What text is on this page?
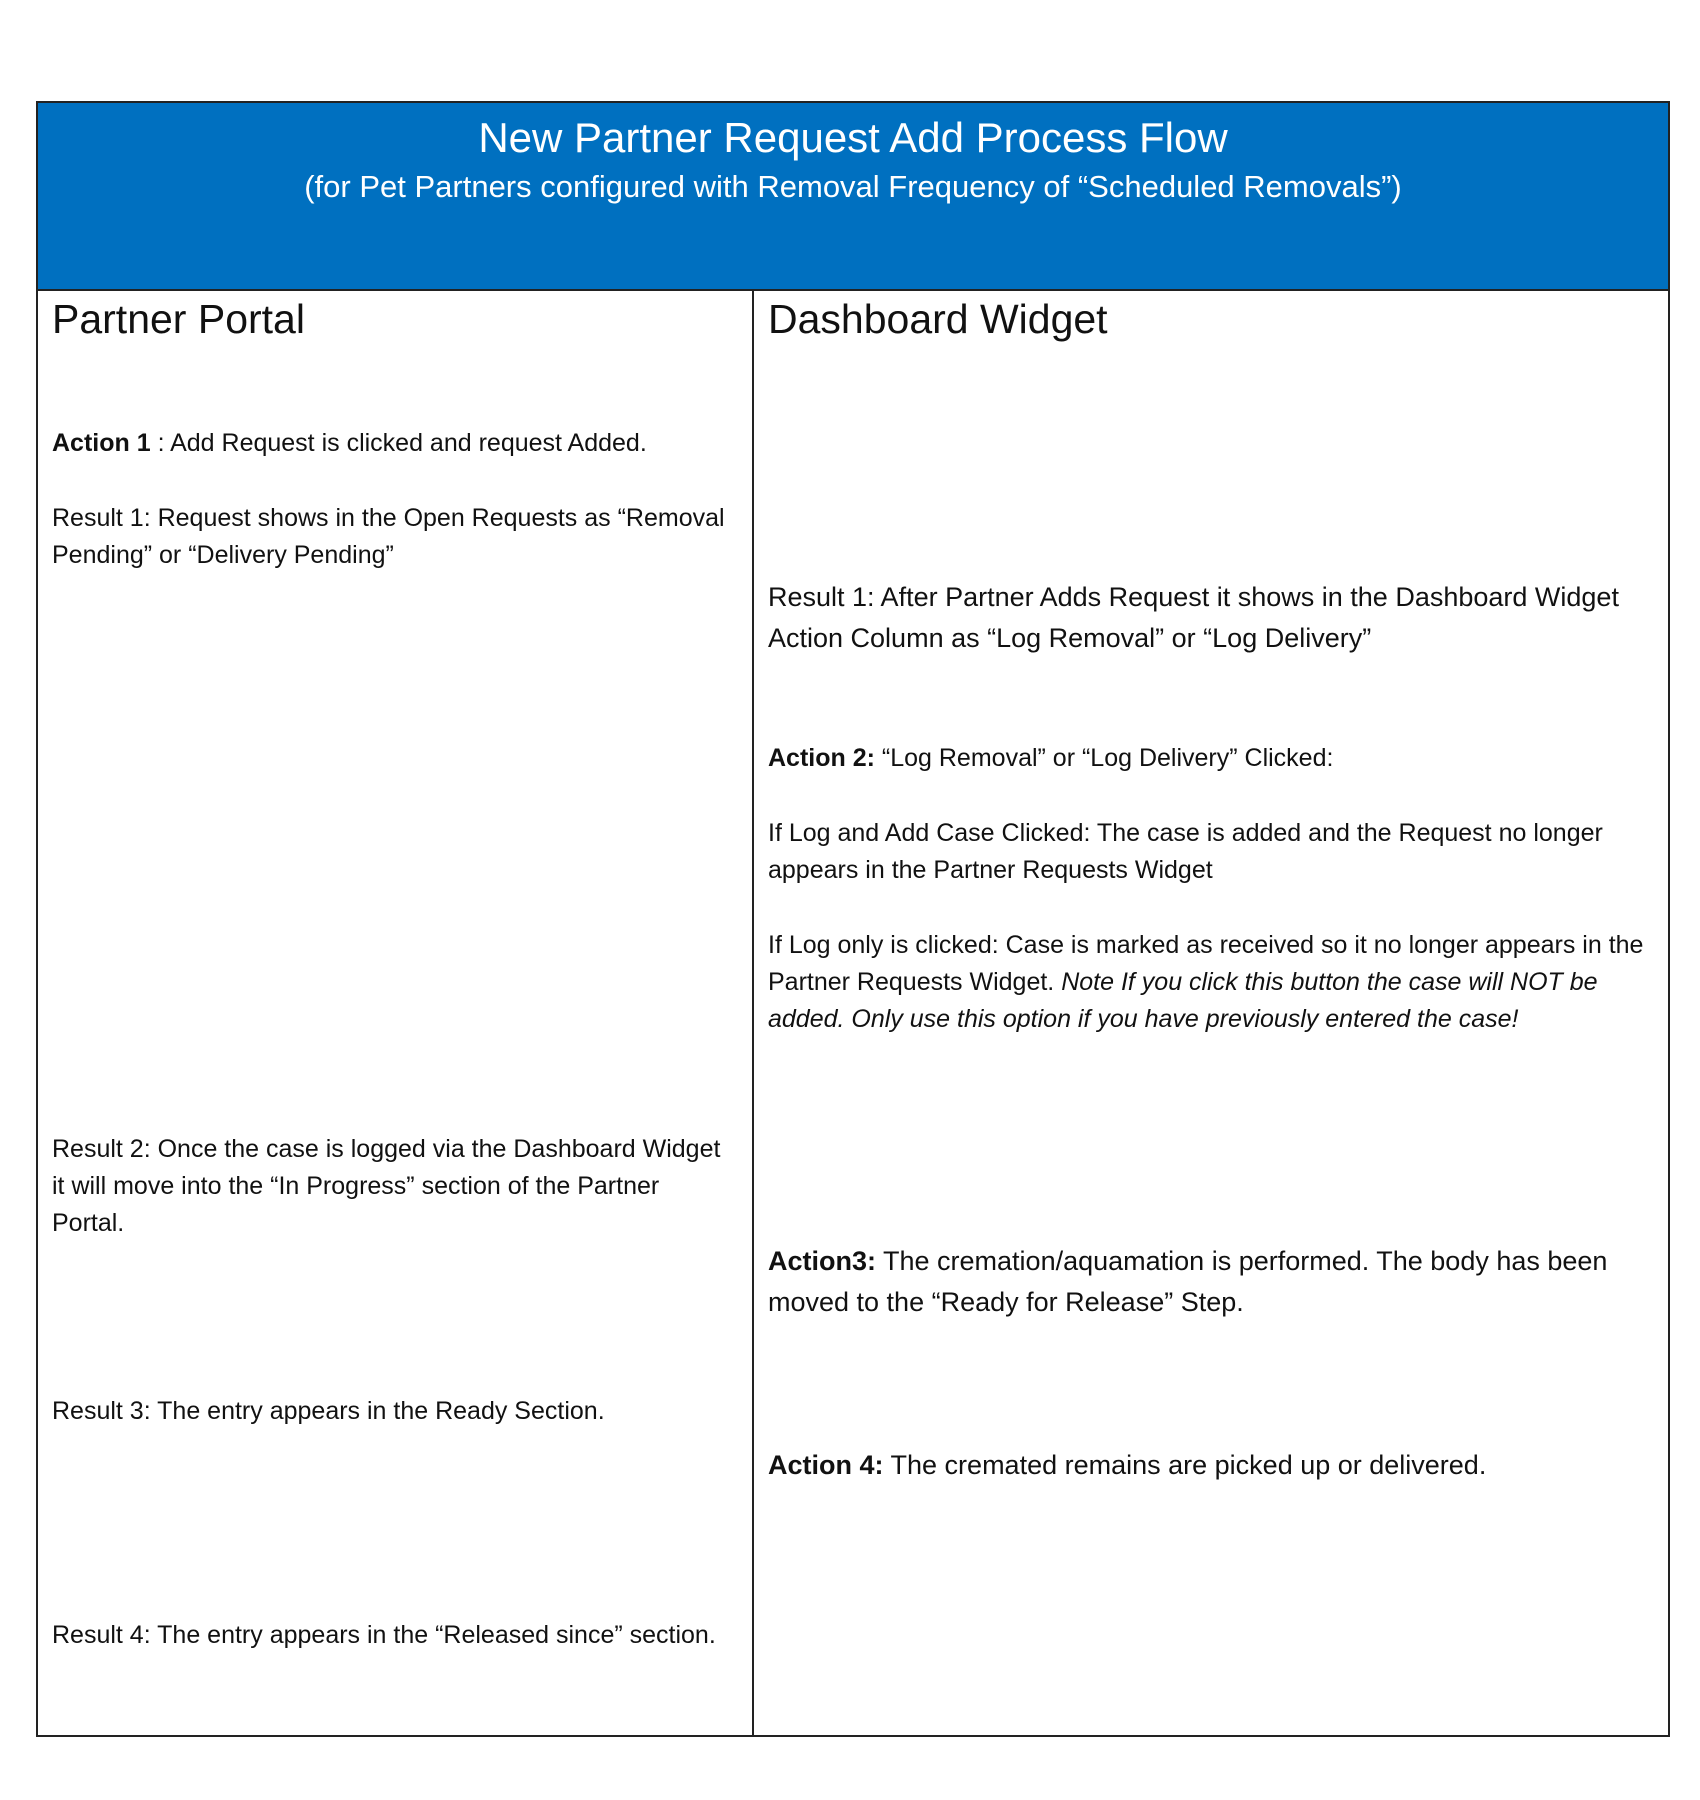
New Partner Request Add Process Flow
(for Pet Partners configured with Removal Frequency of “Scheduled Removals”)
Partner Portal

Action 1 : Add Request is clicked and request Added.

Result 1: Request shows in the Open Requests as “Removal Pending” or “Delivery Pending”

Result 2: Once the case is logged via the Dashboard Widget it will move into the “In Progress” section of the Partner Portal.

Result 3: The entry appears in the Ready Section.

Result 4: The entry appears in the “Released since” section.

Dashboard Widget

Result 1: After Partner Adds Request it shows in the Dashboard Widget Action Column as “Log Removal” or “Log Delivery”

Action 2: “Log Removal” or “Log Delivery” Clicked:

If Log and Add Case Clicked: The case is added and the Request no longer appears in the Partner Requests Widget

If Log only is clicked: Case is marked as received so it no longer appears in the Partner Requests Widget. Note If you click this button the case will NOT be added. Only use this option if you have previously entered the case!

Action3: The cremation/aquamation is performed. The body has been moved to the “Ready for Release” Step.

Action 4: The cremated remains are picked up or delivered.
